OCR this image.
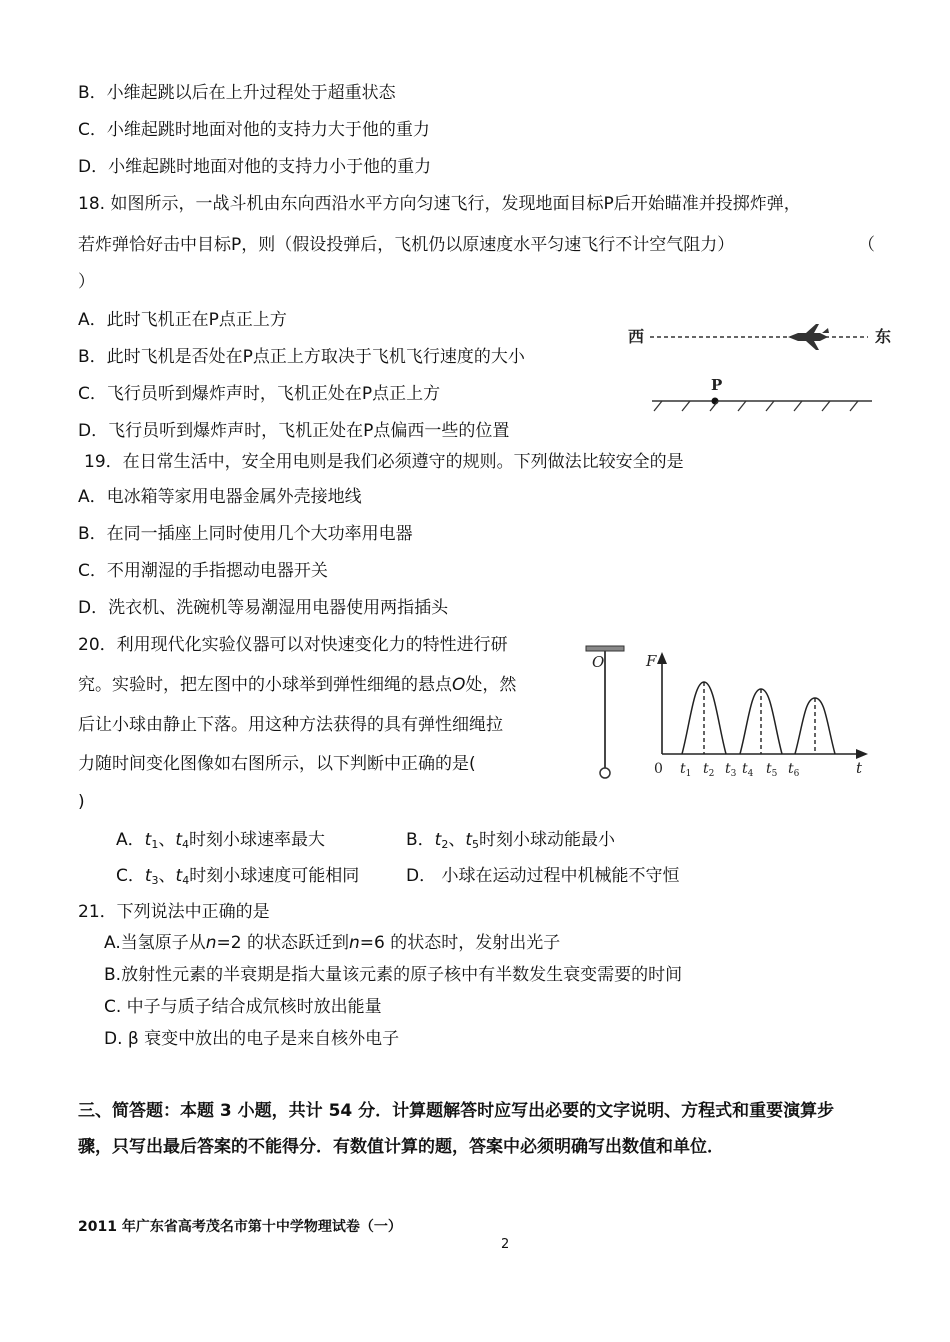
B．小维起跳以后在上升过程处于超重状态
C．小维起跳时地面对他的支持力大于他的重力
D．小维起跳时地面对他的支持力小于他的重力
18. 如图所示，一战斗机由东向西沿水平方向匀速飞行，发现地面目标P后开始瞄准并投掷炸弹，
若炸弹恰好击中目标P，则（假设投弹后，飞机仍以原速度水平匀速飞行不计空气阻力）	（
）
A．此时飞机正在P点正上方
B．此时飞机是否处在P点正上方取决于飞机飞行速度的大小
C．飞行员听到爆炸声时，飞机正处在P点正上方
D．飞行员听到爆炸声时，飞机正处在P点偏西一些的位置
西	东
P
19．在日常生活中，安全用电则是我们必须遵守的规则。下列做法比较安全的是
A．电冰箱等家用电器金属外壳接地线
B．在同一插座上同时使用几个大功率用电器
C．不用潮湿的手指摁动电器开关
D．洗衣机、洗碗机等易潮湿用电器使用两指插头
20．利用现代化实验仪器可以对快速变化力的特性进行研
究。实验时，把左图中的小球举到弹性细绳的悬点O处，然
后让小球由静止下落。用这种方法获得的具有弹性细绳拉
力随时间变化图像如右图所示，以下判断中正确的是(
)
A．$t_1$、$t_4$时刻小球速率最大	B．$t_2$、$t_5$时刻小球动能最小
C．$t_3$、$t_4$时刻小球速度可能相同	D． 小球在运动过程中机械能不守恒
O	F
0	t
$t_1$ $t_2$ $t_3$ $t_4$ $t_5$ $t_6$
21．下列说法中正确的是
A.当氢原子从n=2 的状态跃迁到n=6 的状态时，发射出光子
B.放射性元素的半衰期是指大量该元素的原子核中有半数发生衰变需要的时间
C. 中子与质子结合成氘核时放出能量
D. β 衰变中放出的电子是来自核外电子
三、简答题：本题 3 小题，共计 54 分．计算题解答时应写出必要的文字说明、方程式和重要演算步
骤，只写出最后答案的不能得分．有数值计算的题，答案中必须明确写出数值和单位．
2011 年广东省高考茂名市第十中学物理试卷（一）
2
